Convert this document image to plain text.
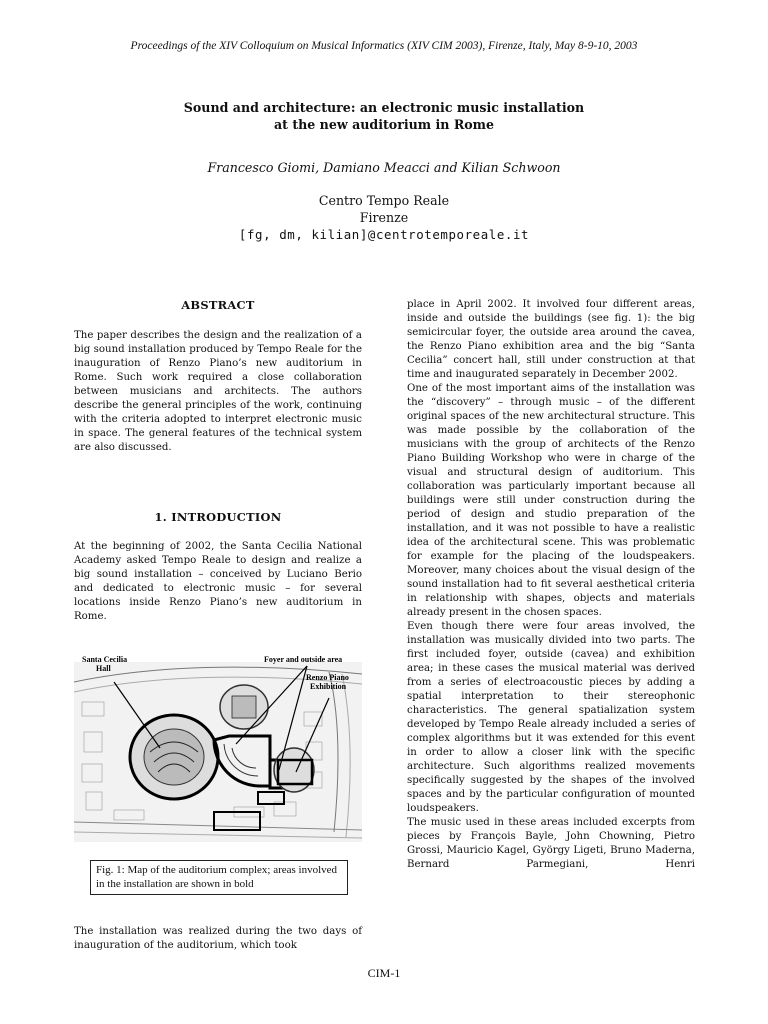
Proceedings of the XIV Colloquium on Musical Informatics (XIV CIM 2003), Firenze, Italy, May 8-9-10, 2003
Sound and architecture: an electronic music installation
at the new auditorium in Rome
Francesco Giomi, Damiano Meacci and Kilian Schwoon
Centro Tempo Reale
Firenze
[fg, dm, kilian]@centrotemporeale.it
ABSTRACT

The paper describes the design and the realization of a big sound installation produced by Tempo Reale for the inauguration of Renzo Piano’s new auditorium in Rome. Such work required a close collaboration between musicians and architects. The authors describe the general principles of the work, continuing with the criteria adopted to interpret electronic music in space. The general features of the technical system are also discussed.

1. INTRODUCTION

At the beginning of 2002, the Santa Cecilia National Academy asked Tempo Reale to design and realize a big sound installation – conceived by Luciano Berio and dedicated to electronic music – for several locations inside Renzo Piano’s new auditorium in Rome.

Santa Cecilia
Hall
Foyer and outside area
Renzo Piano
Exhibition
Fig. 1: Map of the auditorium complex; areas involved in the installation are shown in bold

The installation was realized during the two days of inauguration of the auditorium, which took

place in April 2002. It involved four different areas, inside and outside the buildings (see fig. 1): the big semicircular foyer, the outside area around the cavea, the Renzo Piano exhibition area and the big “Santa Cecilia” concert hall, still under construction at that time and inaugurated separately in December 2002.

One of the most important aims of the installation was the “discovery” – through music – of the different original spaces of the new architectural structure. This was made possible by the collaboration of the musicians with the group of architects of the Renzo Piano Building Workshop who were in charge of the visual and structural design of auditorium. This collaboration was particularly important because all buildings were still under construction during the period of design and studio preparation of the installation, and it was not possible to have a realistic idea of the architectural scene. This was problematic for example for the placing of the loudspeakers. Moreover, many choices about the visual design of the sound installation had to fit several aesthetical criteria in relationship with shapes, objects and materials already present in the chosen spaces.

Even though there were four areas involved, the installation was musically divided into two parts. The first included foyer, outside (cavea) and exhibition area; in these cases the musical material was derived from a series of electroacoustic pieces by adding a spatial interpretation to their stereophonic characteristics. The general spatialization system developed by Tempo Reale already included a series of complex algorithms but it was extended for this event in order to allow a closer link with the specific architecture. Such algorithms realized movements specifically suggested by the shapes of the involved spaces and by the particular configuration of mounted loudspeakers.

The music used in these areas included excerpts from pieces by François Bayle, John Chowning, Pietro Grossi, Mauricio Kagel, György Ligeti, Bruno Maderna, Bernard Parmegiani, Henri

CIM-1
